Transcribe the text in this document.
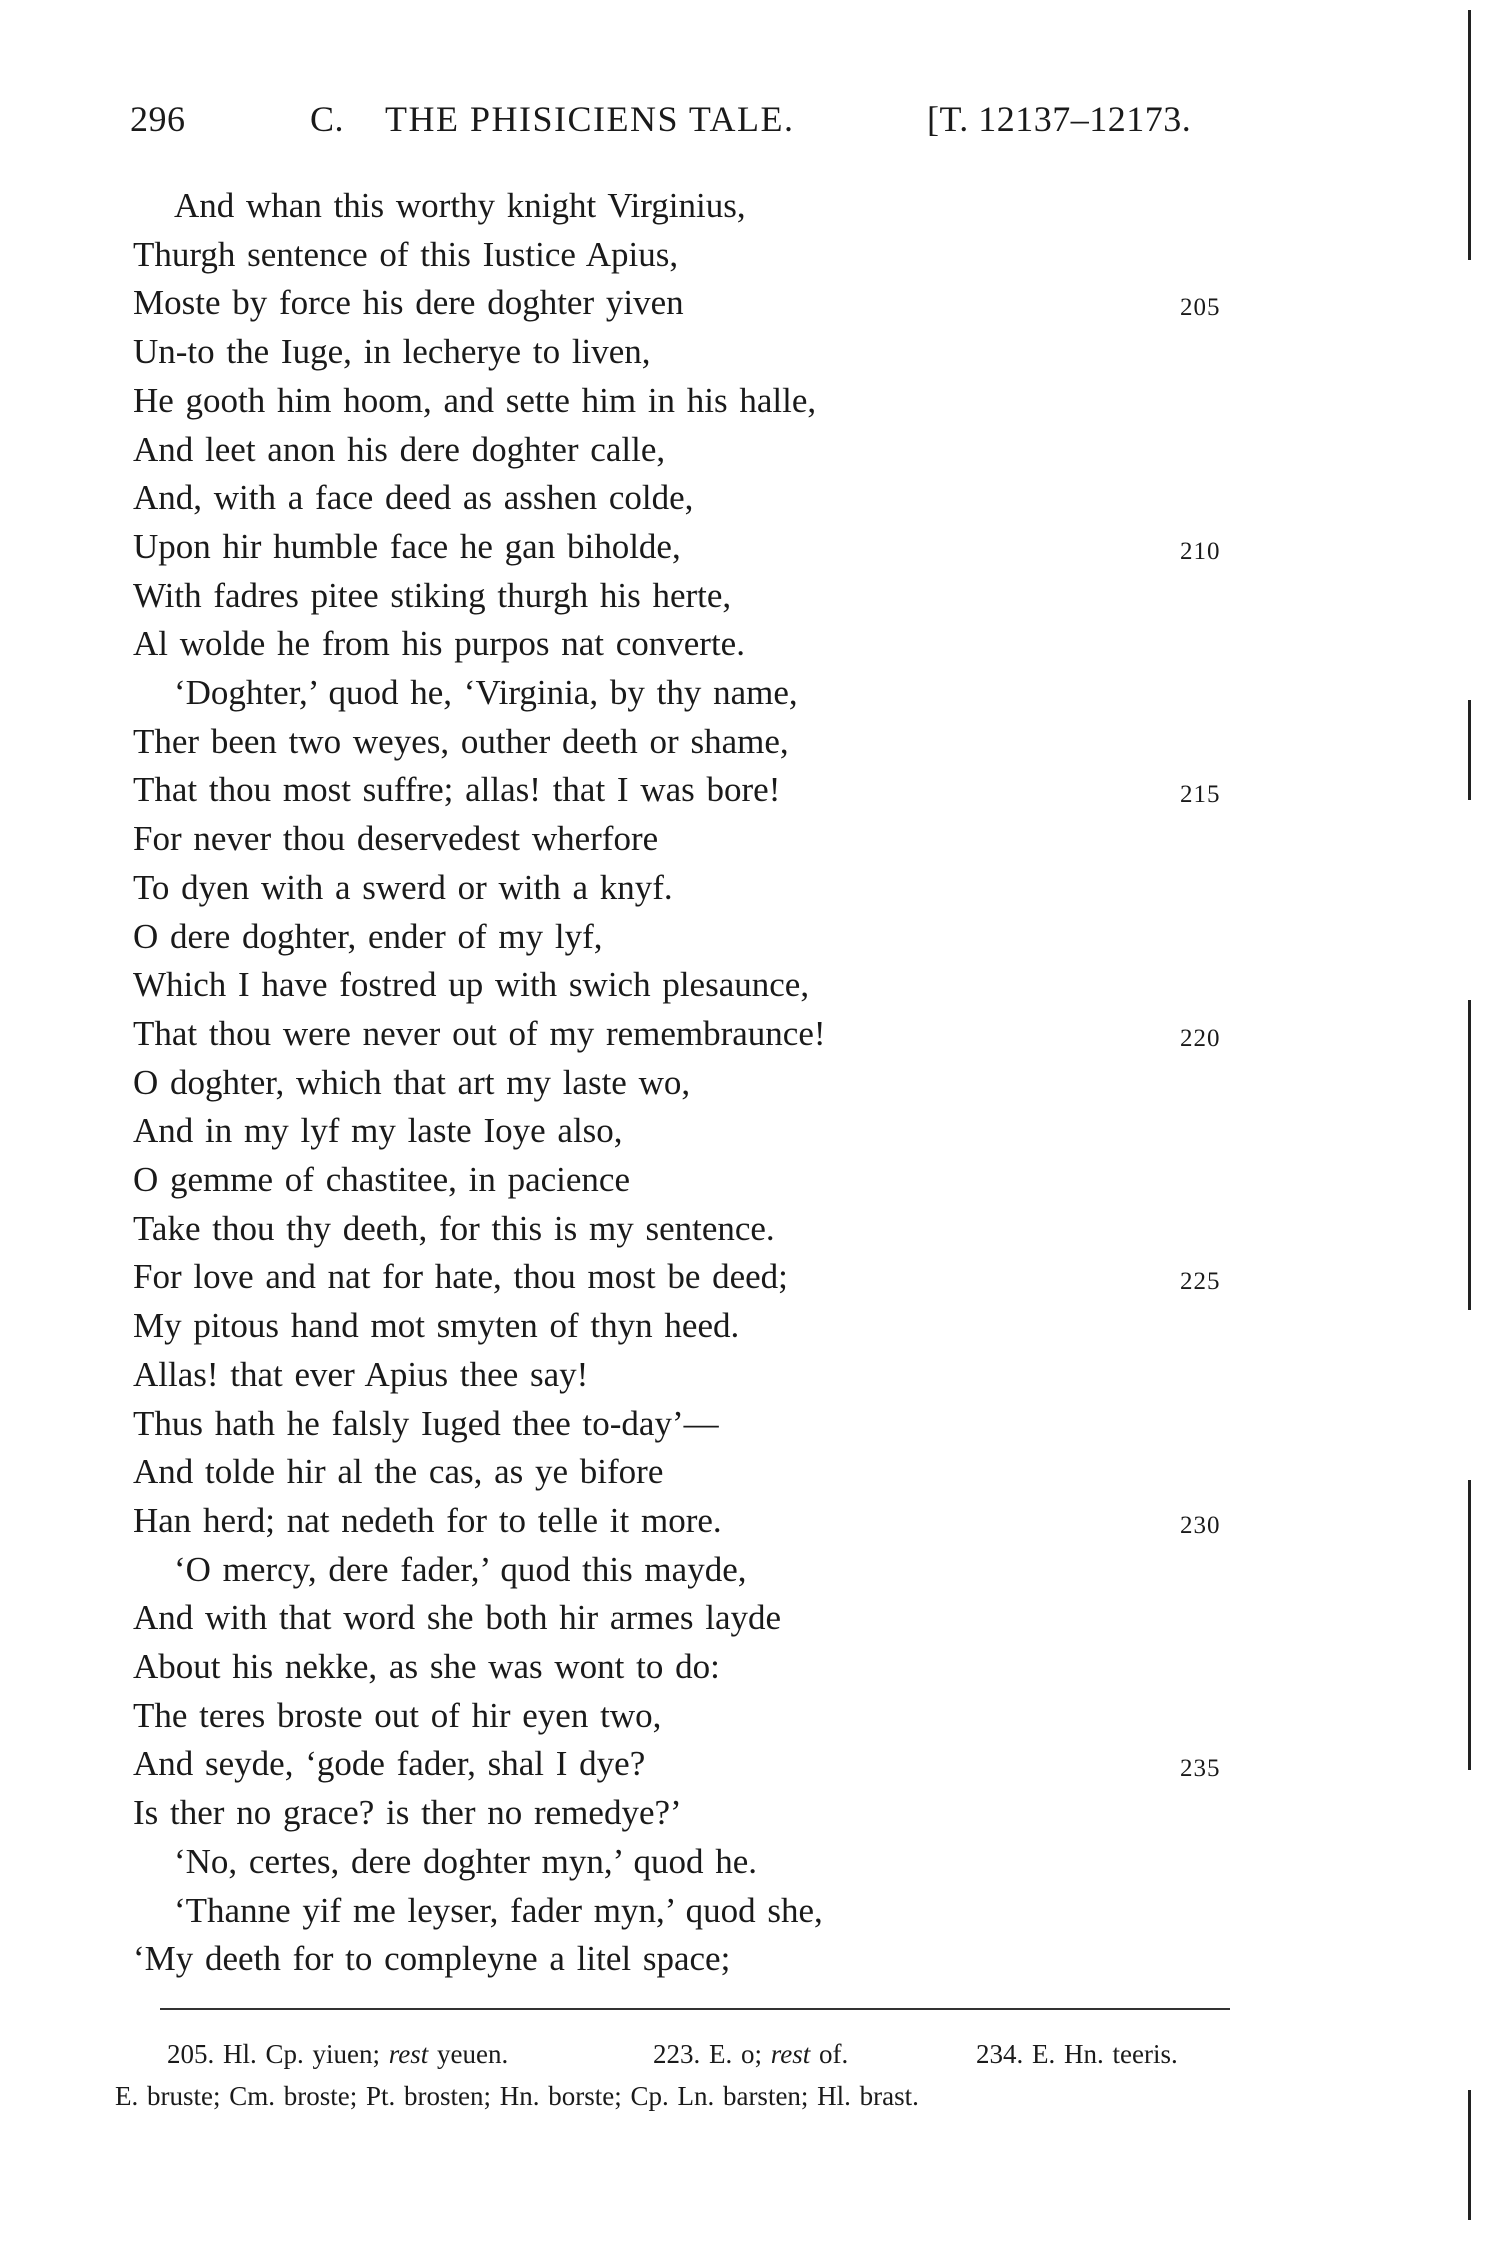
296	C. THE PHISICIENS TALE.	[T. 12137–12173.
And whan this worthy knight Virginius,
Thurgh sentence of this Iustice Apius,
Moste by force his dere doghter yiven	205
Un-to the Iuge, in lecherye to liven,
He gooth him hoom, and sette him in his halle,
And leet anon his dere doghter calle,
And, with a face deed as asshen colde,
Upon hir humble face he gan biholde,	210
With fadres pitee stiking thurgh his herte,
Al wolde he from his purpos nat converte.
‘Doghter,’ quod he, ‘Virginia, by thy name,
Ther been two weyes, outher deeth or shame,
That thou most suffre; allas! that I was bore!	215
For never thou deservedest wherfore
To dyen with a swerd or with a knyf.
O dere doghter, ender of my lyf,
Which I have fostred up with swich plesaunce,
That thou were never out of my remembraunce!	220
O doghter, which that art my laste wo,
And in my lyf my laste Ioye also,
O gemme of chastitee, in pacience
Take thou thy deeth, for this is my sentence.
For love and nat for hate, thou most be deed;	225
My pitous hand mot smyten of thyn heed.
Allas! that ever Apius thee say!
Thus hath he falsly Iuged thee to-day’—
And tolde hir al the cas, as ye bifore
Han herd; nat nedeth for to telle it more.	230
‘O mercy, dere fader,’ quod this mayde,
And with that word she both hir armes layde
About his nekke, as she was wont to do:
The teres broste out of hir eyen two,
And seyde, ‘gode fader, shal I dye?	235
Is ther no grace? is ther no remedye?’
‘No, certes, dere doghter myn,’ quod he.
‘Thanne yif me leyser, fader myn,’ quod she,
‘My deeth for to compleyne a litel space;
205. Hl. Cp. yiuen; rest yeuen.	223. E. o; rest of.	234. E. Hn. teeris.
E. bruste; Cm. broste; Pt. brosten; Hn. borste; Cp. Ln. barsten; Hl. brast.
